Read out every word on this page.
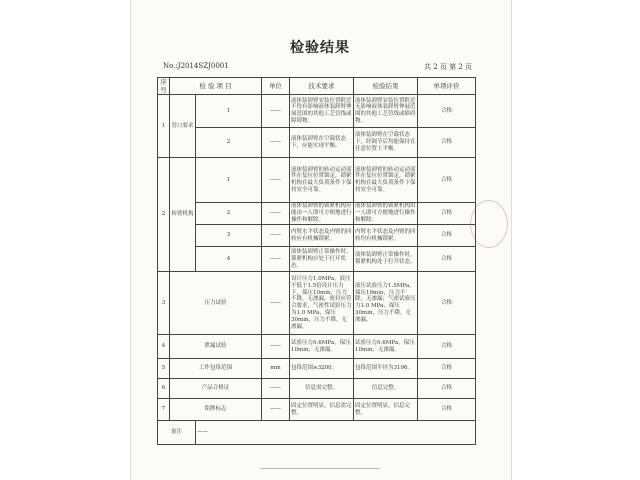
检验结果
No.:J2014SZJ0001	共 2 页 第 2 页
序号	检 验 项 目		单位	技术要求	检验结果	单项评价
1	管口要求	1	——	液体装卸臂安装位置附近不得有影响液体装卸臂伸展范围的其他工艺管线或障碍物。	液体装卸臂安装位置附近无影响液体装卸臂伸展范围的其他工艺管线或障碍物。	合格
		2	——	液体装卸臂在空载状态下，应能实现平衡。	液体装卸臂在空载状态下，经调节后均能保持在任意位置上平衡。	合格
2	转臂机构	1	——	液体装卸臂的转动运动部件在复位位置锁定，锁紧机构在最大负荷条件下保持安全可靠。	液体装卸臂的转动运动部件在复位位置锁定，锁紧机构在最大负荷条件下保持安全可靠。	合格
		2	——	液体装卸臂的锁紧机构应能由一人即可方便地进行操作和解除。	液体装卸臂的锁紧机构由一人即可方便地进行操作和解除。	合格
		3	——	内臂水平状态及内臂的回转应有机械锁紧。	内臂水平状态及内臂的回转均有机械锁紧。	合格
		4	——	液体装卸臂正常操作时，锁紧机构应处于打开状态。	液体装卸臂正常操作时，锁紧机构处于打开状态。	合格
3	压力试验		——	设计压力1.0MPa，液压不低于1.5倍设计压力下，保压10min，压力不降，无渗漏，密封应符合要求，气密性试验压力为1.0 MPa，保压30min，压力不降，无渗漏。	液压试验压力1.5MPa，保压10min，压力不降，无渗漏；气密试验压力1.0 MPa，保压30min，压力不降，无渗漏。	合格
4	泄漏试验		——	试验压力0.6MPa，保压10min，无渗漏。	试验压力0.6MPa，保压10min，无渗漏。	合格
5	工作包络范围		mm	包络范围≥3200。	包络范围半径为3196。	合格
6	产品合格证		——	信息需完整。	信息完整。	合格
7	铭牌标志		——	固定位置明显，信息需完整。	固定位置明显，信息完整。	合格
备注		——				
